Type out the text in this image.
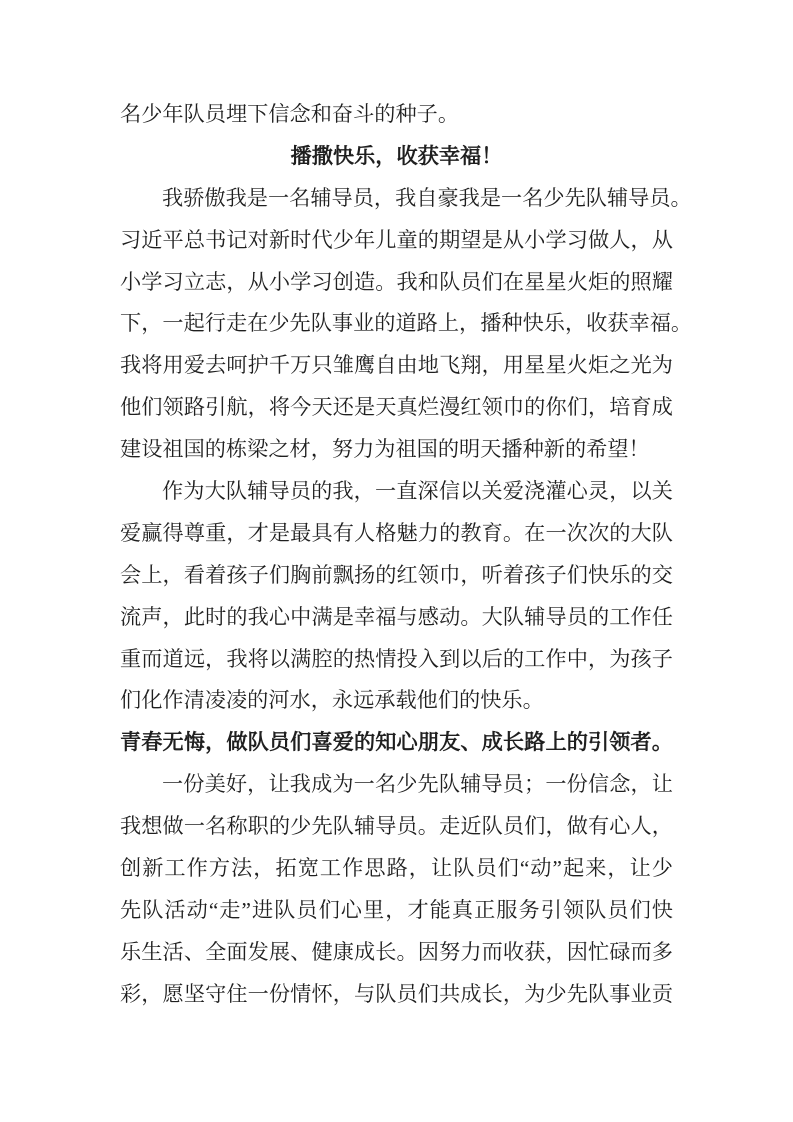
名少年队员埋下信念和奋斗的种子。
播撒快乐，收获幸福！
我骄傲我是一名辅导员，我自豪我是一名少先队辅导员。
习近平总书记对新时代少年儿童的期望是从小学习做人，从
小学习立志，从小学习创造。我和队员们在星星火炬的照耀
下，一起行走在少先队事业的道路上，播种快乐，收获幸福。
我将用爱去呵护千万只雏鹰自由地飞翔，用星星火炬之光为
他们领路引航，将今天还是天真烂漫红领巾的你们，培育成
建设祖国的栋梁之材，努力为祖国的明天播种新的希望！
作为大队辅导员的我，一直深信以关爱浇灌心灵，以关
爱赢得尊重，才是最具有人格魅力的教育。在一次次的大队
会上，看着孩子们胸前飘扬的红领巾，听着孩子们快乐的交
流声，此时的我心中满是幸福与感动。大队辅导员的工作任
重而道远，我将以满腔的热情投入到以后的工作中，为孩子
们化作清凌凌的河水，永远承载他们的快乐。
青春无悔，做队员们喜爱的知心朋友、成长路上的引领者。
一份美好，让我成为一名少先队辅导员；一份信念，让
我想做一名称职的少先队辅导员。走近队员们，做有心人，
创新工作方法，拓宽工作思路，让队员们“动”起来，让少
先队活动“走”进队员们心里，才能真正服务引领队员们快
乐生活、全面发展、健康成长。因努力而收获，因忙碌而多
彩，愿坚守住一份情怀，与队员们共成长，为少先队事业贡
